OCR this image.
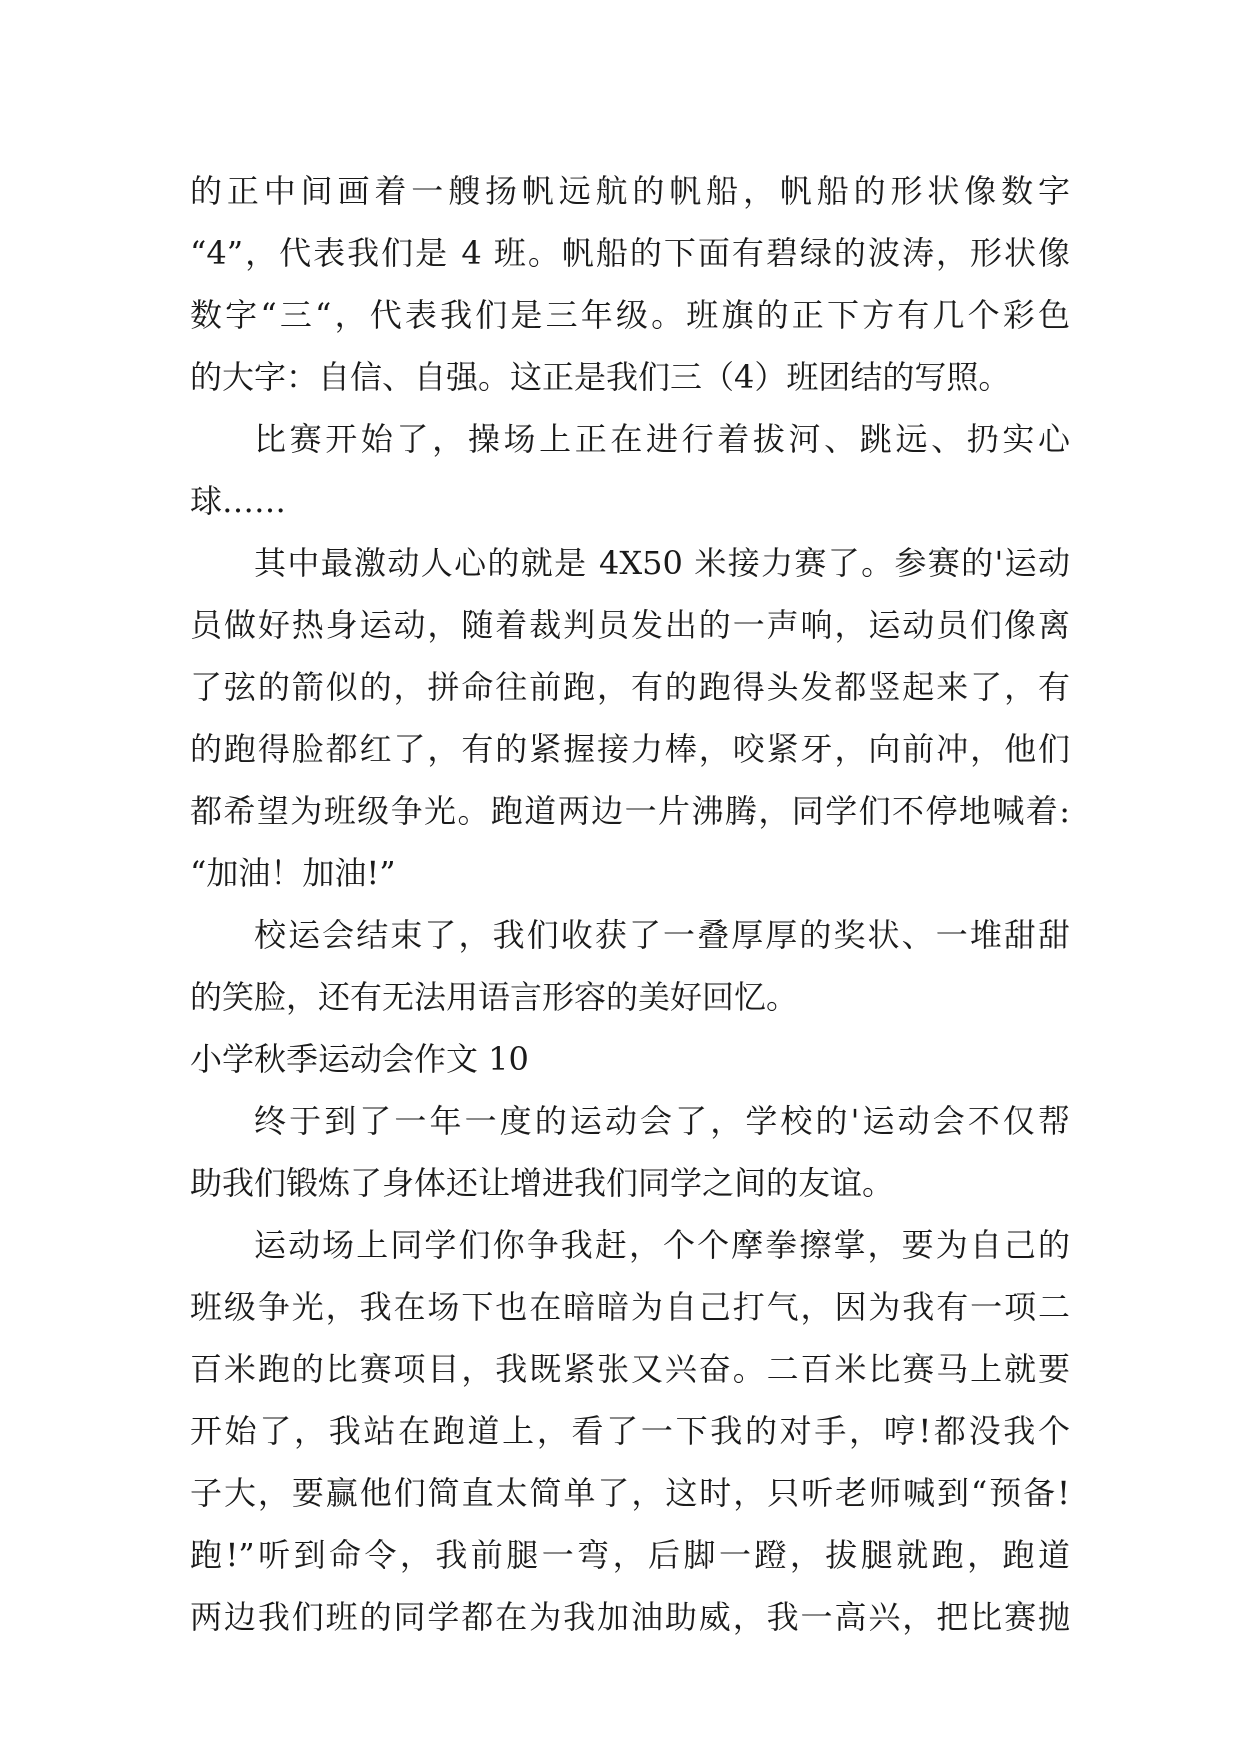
的正中间画着一艘扬帆远航的帆船，帆船的形状像数字
“4”，代表我们是 4 班。帆船的下面有碧绿的波涛，形状像
数字“三“，代表我们是三年级。班旗的正下方有几个彩色
的大字：自信、自强。这正是我们三（4）班团结的写照。
比赛开始了，操场上正在进行着拔河、跳远、扔实心
球……
其中最激动人心的就是 4X50 米接力赛了。参赛的'运动
员做好热身运动，随着裁判员发出的一声响，运动员们像离
了弦的箭似的，拼命往前跑，有的跑得头发都竖起来了，有
的跑得脸都红了，有的紧握接力棒，咬紧牙，向前冲，他们
都希望为班级争光。跑道两边一片沸腾，同学们不停地喊着:
“加油！加油!”
校运会结束了，我们收获了一叠厚厚的奖状、一堆甜甜
的笑脸，还有无法用语言形容的美好回忆。
小学秋季运动会作文 10
终于到了一年一度的运动会了，学校的'运动会不仅帮
助我们锻炼了身体还让增进我们同学之间的友谊。
运动场上同学们你争我赶，个个摩拳擦掌，要为自己的
班级争光，我在场下也在暗暗为自己打气，因为我有一项二
百米跑的比赛项目，我既紧张又兴奋。二百米比赛马上就要
开始了，我站在跑道上，看了一下我的对手，哼!都没我个
子大，要赢他们简直太简单了，这时，只听老师喊到“预备!
跑!”听到命令，我前腿一弯，后脚一蹬，拔腿就跑，跑道
两边我们班的同学都在为我加油助威，我一高兴，把比赛抛
